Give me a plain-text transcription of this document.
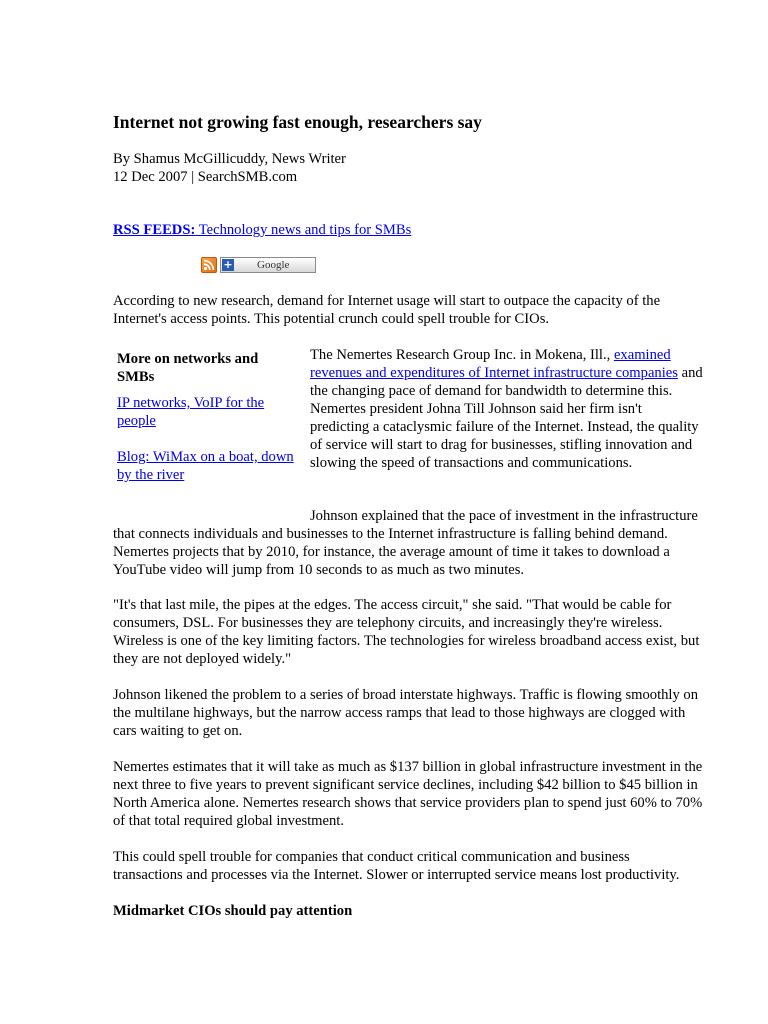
Internet not growing fast enough, researchers say
By Shamus McGillicuddy, News Writer
12 Dec 2007 | SearchSMB.com
RSS FEEDS: Technology news and tips for SMBs
+ Google

According to new research, demand for Internet usage will start to outpace the capacity of the Internet's access points. This potential crunch could spell trouble for CIOs.

More on networks and SMBs
IP networks, VoIP for the people
Blog: WiMax on a boat, down by the river

The Nemertes Research Group Inc. in Mokena, Ill., examined revenues and expenditures of Internet infrastructure companies and the changing pace of demand for bandwidth to determine this. Nemertes president Johna Till Johnson said her firm isn't predicting a cataclysmic failure of the Internet. Instead, the quality of service will start to drag for businesses, stifling innovation and slowing the speed of transactions and communications.

Johnson explained that the pace of investment in the infrastructure that connects individuals and businesses to the Internet infrastructure is falling behind demand. Nemertes projects that by 2010, for instance, the average amount of time it takes to download a YouTube video will jump from 10 seconds to as much as two minutes.

"It's that last mile, the pipes at the edges. The access circuit," she said. "That would be cable for consumers, DSL. For businesses they are telephony circuits, and increasingly they're wireless. Wireless is one of the key limiting factors. The technologies for wireless broadband access exist, but they are not deployed widely."

Johnson likened the problem to a series of broad interstate highways. Traffic is flowing smoothly on the multilane highways, but the narrow access ramps that lead to those highways are clogged with cars waiting to get on.

Nemertes estimates that it will take as much as $137 billion in global infrastructure investment in the next three to five years to prevent significant service declines, including $42 billion to $45 billion in North America alone. Nemertes research shows that service providers plan to spend just 60% to 70% of that total required global investment.

This could spell trouble for companies that conduct critical communication and business transactions and processes via the Internet. Slower or interrupted service means lost productivity.

Midmarket CIOs should pay attention
